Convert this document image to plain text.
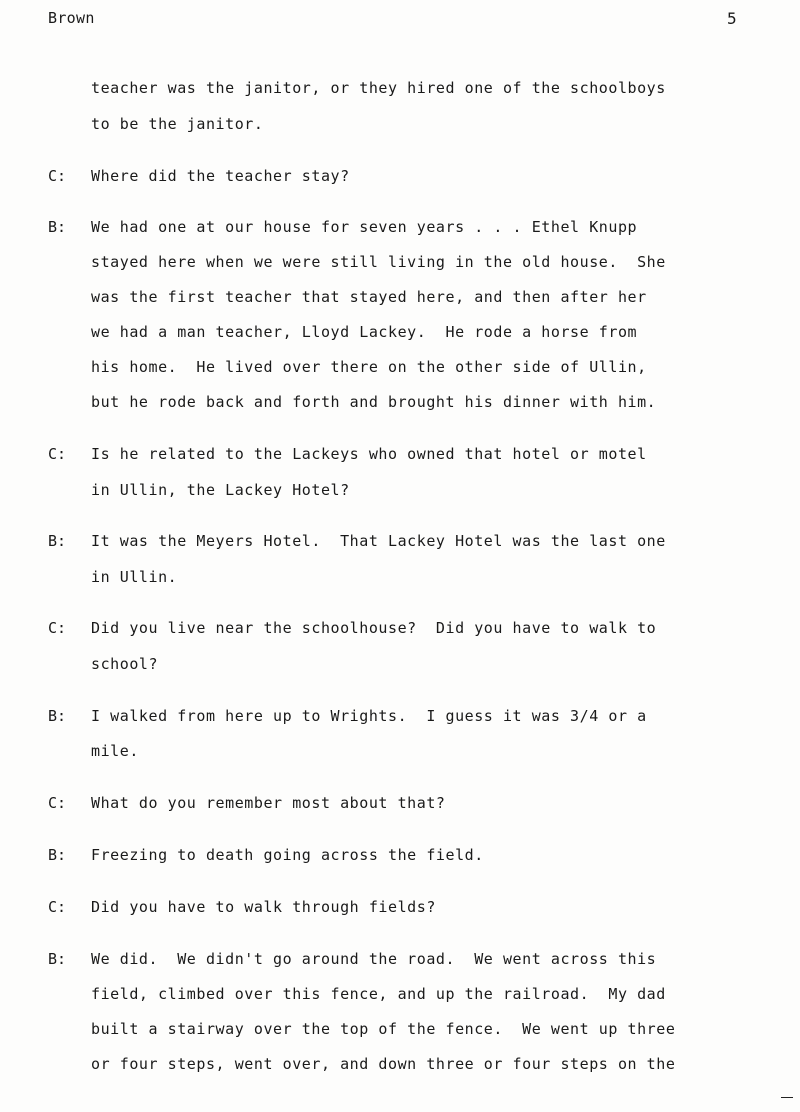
Brown	5
teacher was the janitor, or they hired one of the schoolboys
to be the janitor.
C: Where did the teacher stay?
B: We had one at our house for seven years . . . Ethel Knupp
stayed here when we were still living in the old house.  She
was the first teacher that stayed here, and then after her
we had a man teacher, Lloyd Lackey.  He rode a horse from
his home.  He lived over there on the other side of Ullin,
but he rode back and forth and brought his dinner with him.
C: Is he related to the Lackeys who owned that hotel or motel
in Ullin, the Lackey Hotel?
B: It was the Meyers Hotel.  That Lackey Hotel was the last one
in Ullin.
C: Did you live near the schoolhouse?  Did you have to walk to
school?
B: I walked from here up to Wrights.  I guess it was 3/4 or a
mile.
C: What do you remember most about that?
B: Freezing to death going across the field.
C: Did you have to walk through fields?
B: We did.  We didn't go around the road.  We went across this
field, climbed over this fence, and up the railroad.  My dad
built a stairway over the top of the fence.  We went up three
or four steps, went over, and down three or four steps on the
